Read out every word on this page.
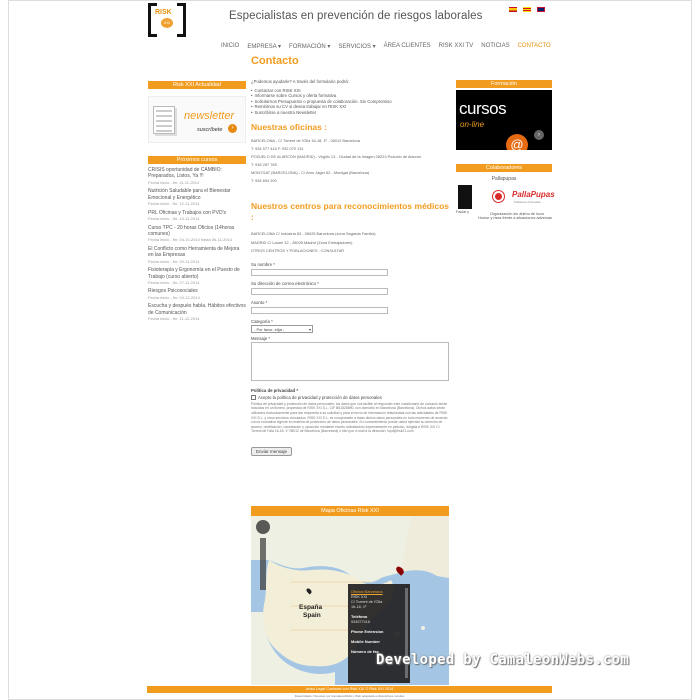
RISK
XXI
Especialistas en prevención de riesgos laborales
INICIO EMPRESA ▾ FORMACIÓN ▾ SERVICIOS ▾ ÁREA CLIENTES RISK XXI TV NOTICIAS CONTACTO
Risk XXI Actualidad
newsletter
suscríbete	›
Próximos cursos
CRISIS oportunidad de CAMBIO: Preparados, Listos, Ya !!!
Fecha inicio - fin: 11-11-2014
Nutrición Saludable para el Bienestar Emocional y Energético
Fecha inicio - fin: 12-11-2014
PRL Oficinas y Trabajos con PVD's
Fecha inicio - fin: 13-11-2014
Curso TPC - 20 horas Oficios (14horas comunes)
Fecha inicio - fin: 04-10-2014 hasta 06-11-2014
El Conflicto como Herramienta de Mejora en las Empresas
Fecha inicio - fin: 20-11-2014
Fisioterapia y Ergonomía en el Puesto de Trabajo (curso abierto)
Fecha inicio - fin: 27-11-2014
Riesgos Psicosociales
Fecha inicio - fin: 04-12-2014
Escucha y después habla. Hábitos efectivos de Comunicación
Fecha inicio - fin: 11-12-2014
Contacto
¿Podemos ayudarle? A través del formulario podrá:
• Contactar con RISK XXI
• Informarse sobre Cursos y oferta formativa
• Solicitarnos Presupuesto o propuesta de colaboración. Sin Compromiso
• Remitirnos su CV si desea trabajar en RISK XXI
• Suscribirse a nuestra Newsletter
Nuestras oficinas :
BARCELONA - C/ Torrent de l'Olla 16-18, 1º - 08012 Barcelona
T. 934 577 416 F. 932 070 131
POZUELO DE ALARCÓN (MADRID) - Virgilio 13 - Ciudad de la Imagen 28223 Pozuelo de Alarcón
T. 918 287 765
MONTGAT (BARCELONA) - C/ Arno Jáger 62 - Montgat (Barcelona)
T. 934 694 200
Nuestros centros para reconocimientos médicos :
BARCELONA C/ Indústria 83 - 08025 Barcelona (zona Sagrada Familia)
MADRID C/ Laurel 32 - 28005 Madrid (Zona Embajadores)
OTROS CENTROS Y POBLACIONES : CONSULTAR
Su nombre *
Su dirección de correo electrónico *
Asunto *
Categoría *
- Por favor, elija -	▾
Mensaje *
Política de privacidad *
Acepto la política de privacidad y protección de datos personales
Política de privacidad y protección de datos personales: los datos que nos facilite al responder este cuestionario de contacto serán incluidos en un fichero, propiedad de RISK XXI S.L. CIF B61828890, con domicilio en Barcelona (Barcelona). Dichos datos serán utilizados exclusivamente para dar respuesta a su solicitud y para el envío de información relacionada con las actividades de RISK XXI S.L. y otros servicios vinculados. RISK XXI S.L. se compromete a tratar dichos datos personales en todo momento de acuerdo con la normativa vigente en materia de protección de datos personales. Su consentimiento puede usted ejercitar su derecho de acceso, rectificación, cancelación y oposición mediante escrito solicitándolo expresamente en petición, dirigida a RISK XXI C/ Torrent de l'olla 16-18, 1º 08012 de Barcelona (Barcelona) o bien por e-mail a la dirección: lopd@risk21.com
Enviar mensaje
Mapa Oficinas Risk XXI
España
Spain
Oficina Barcelona
RISK XXI
C/ Torrent de l'Olla
16-18, 1º
Teléfono
934577416
Phone Extension
Mobile Number
Número de fax
Formación
cursos
on-line
@
›
Colaboradores
Pallapupas
PallaPupas
Pallassos d'hospital
Organización sin ánimo de lucro
Facial y
Humor y risas frente a situaciones adversas
Aviso Legal Contacte con Risk XXI © Risk XXI 2014
Desarrollado / Develop por CamaleonWebs | Web adaptada a dispositivos móviles
Developed by CamaleonWebs.com
